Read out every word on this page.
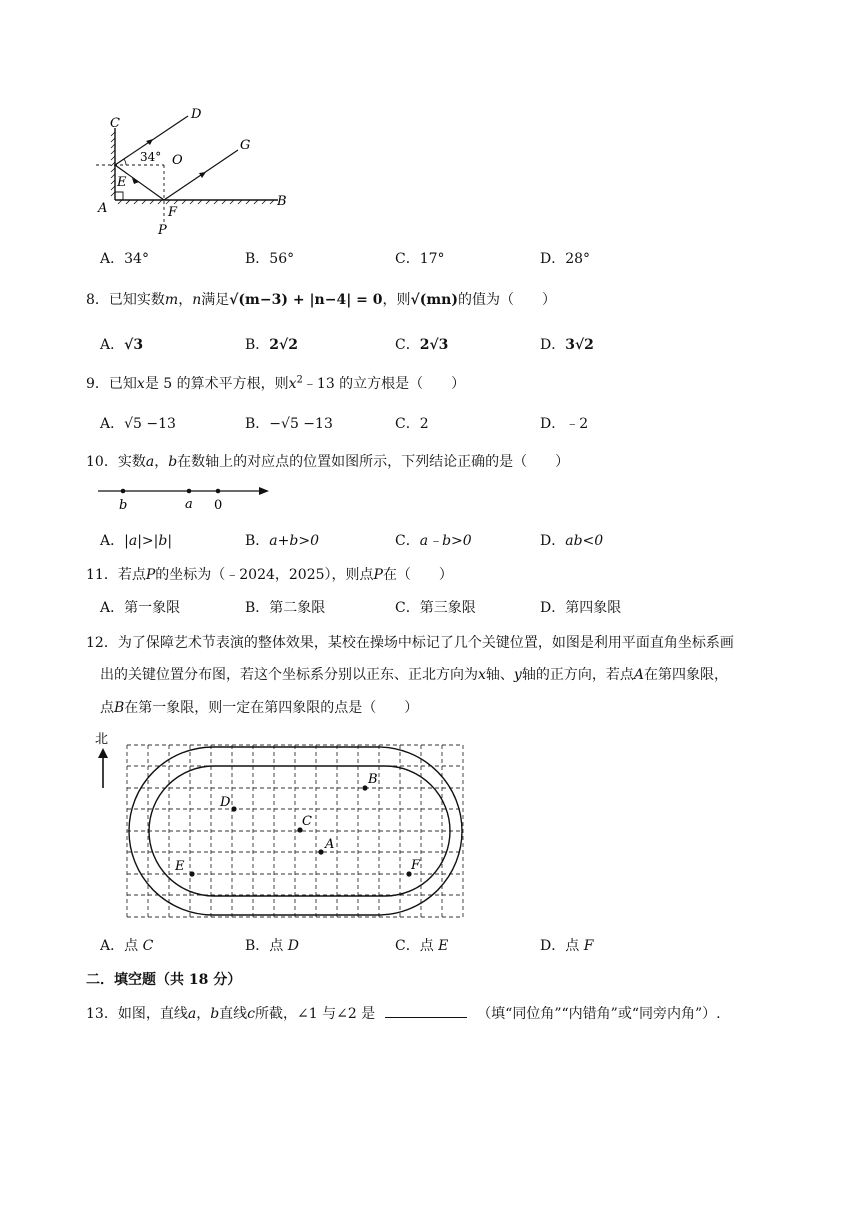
C
D
34° O
G
E
A	F
B
P
A．34°	B．56°	C．17°	D．28°
8．已知实数m，n满足√(m−3) + |n−4| = 0，则√(mn)的值为（　　）
A．√3	B．2√2	C．2√3	D．3√2
9．已知x是 5 的算术平方根，则$x^2﹣13$ 的立方根是（　　）
A．√5 −13	B．−√5 −13	C．2	D．﹣2
10．实数a，b在数轴上的对应点的位置如图所示，下列结论正确的是（　　）
b	a 0
A．|a|>|b|	B．a+b>0	C．a﹣b>0	D．ab<0
11．若点P的坐标为（﹣2024，2025），则点P在（　　）
A．第一象限	B．第二象限	C．第三象限	D．第四象限
12．为了保障艺术节表演的整体效果，某校在操场中标记了几个关键位置，如图是利用平面直角坐标系画
出的关键位置分布图，若这个坐标系分别以正东、正北方向为x轴、y轴的正方向，若点A在第四象限，
点B在第一象限，则一定在第四象限的点是（　　）
北
B
D
C
A
E	F
A．点 C	B．点 D	C．点 E	D．点 F
二．填空题（共 18 分）
13．如图，直线a，b直线c所截，∠1 与∠2 是	（填“同位角”“内错角”或“同旁内角”）.
